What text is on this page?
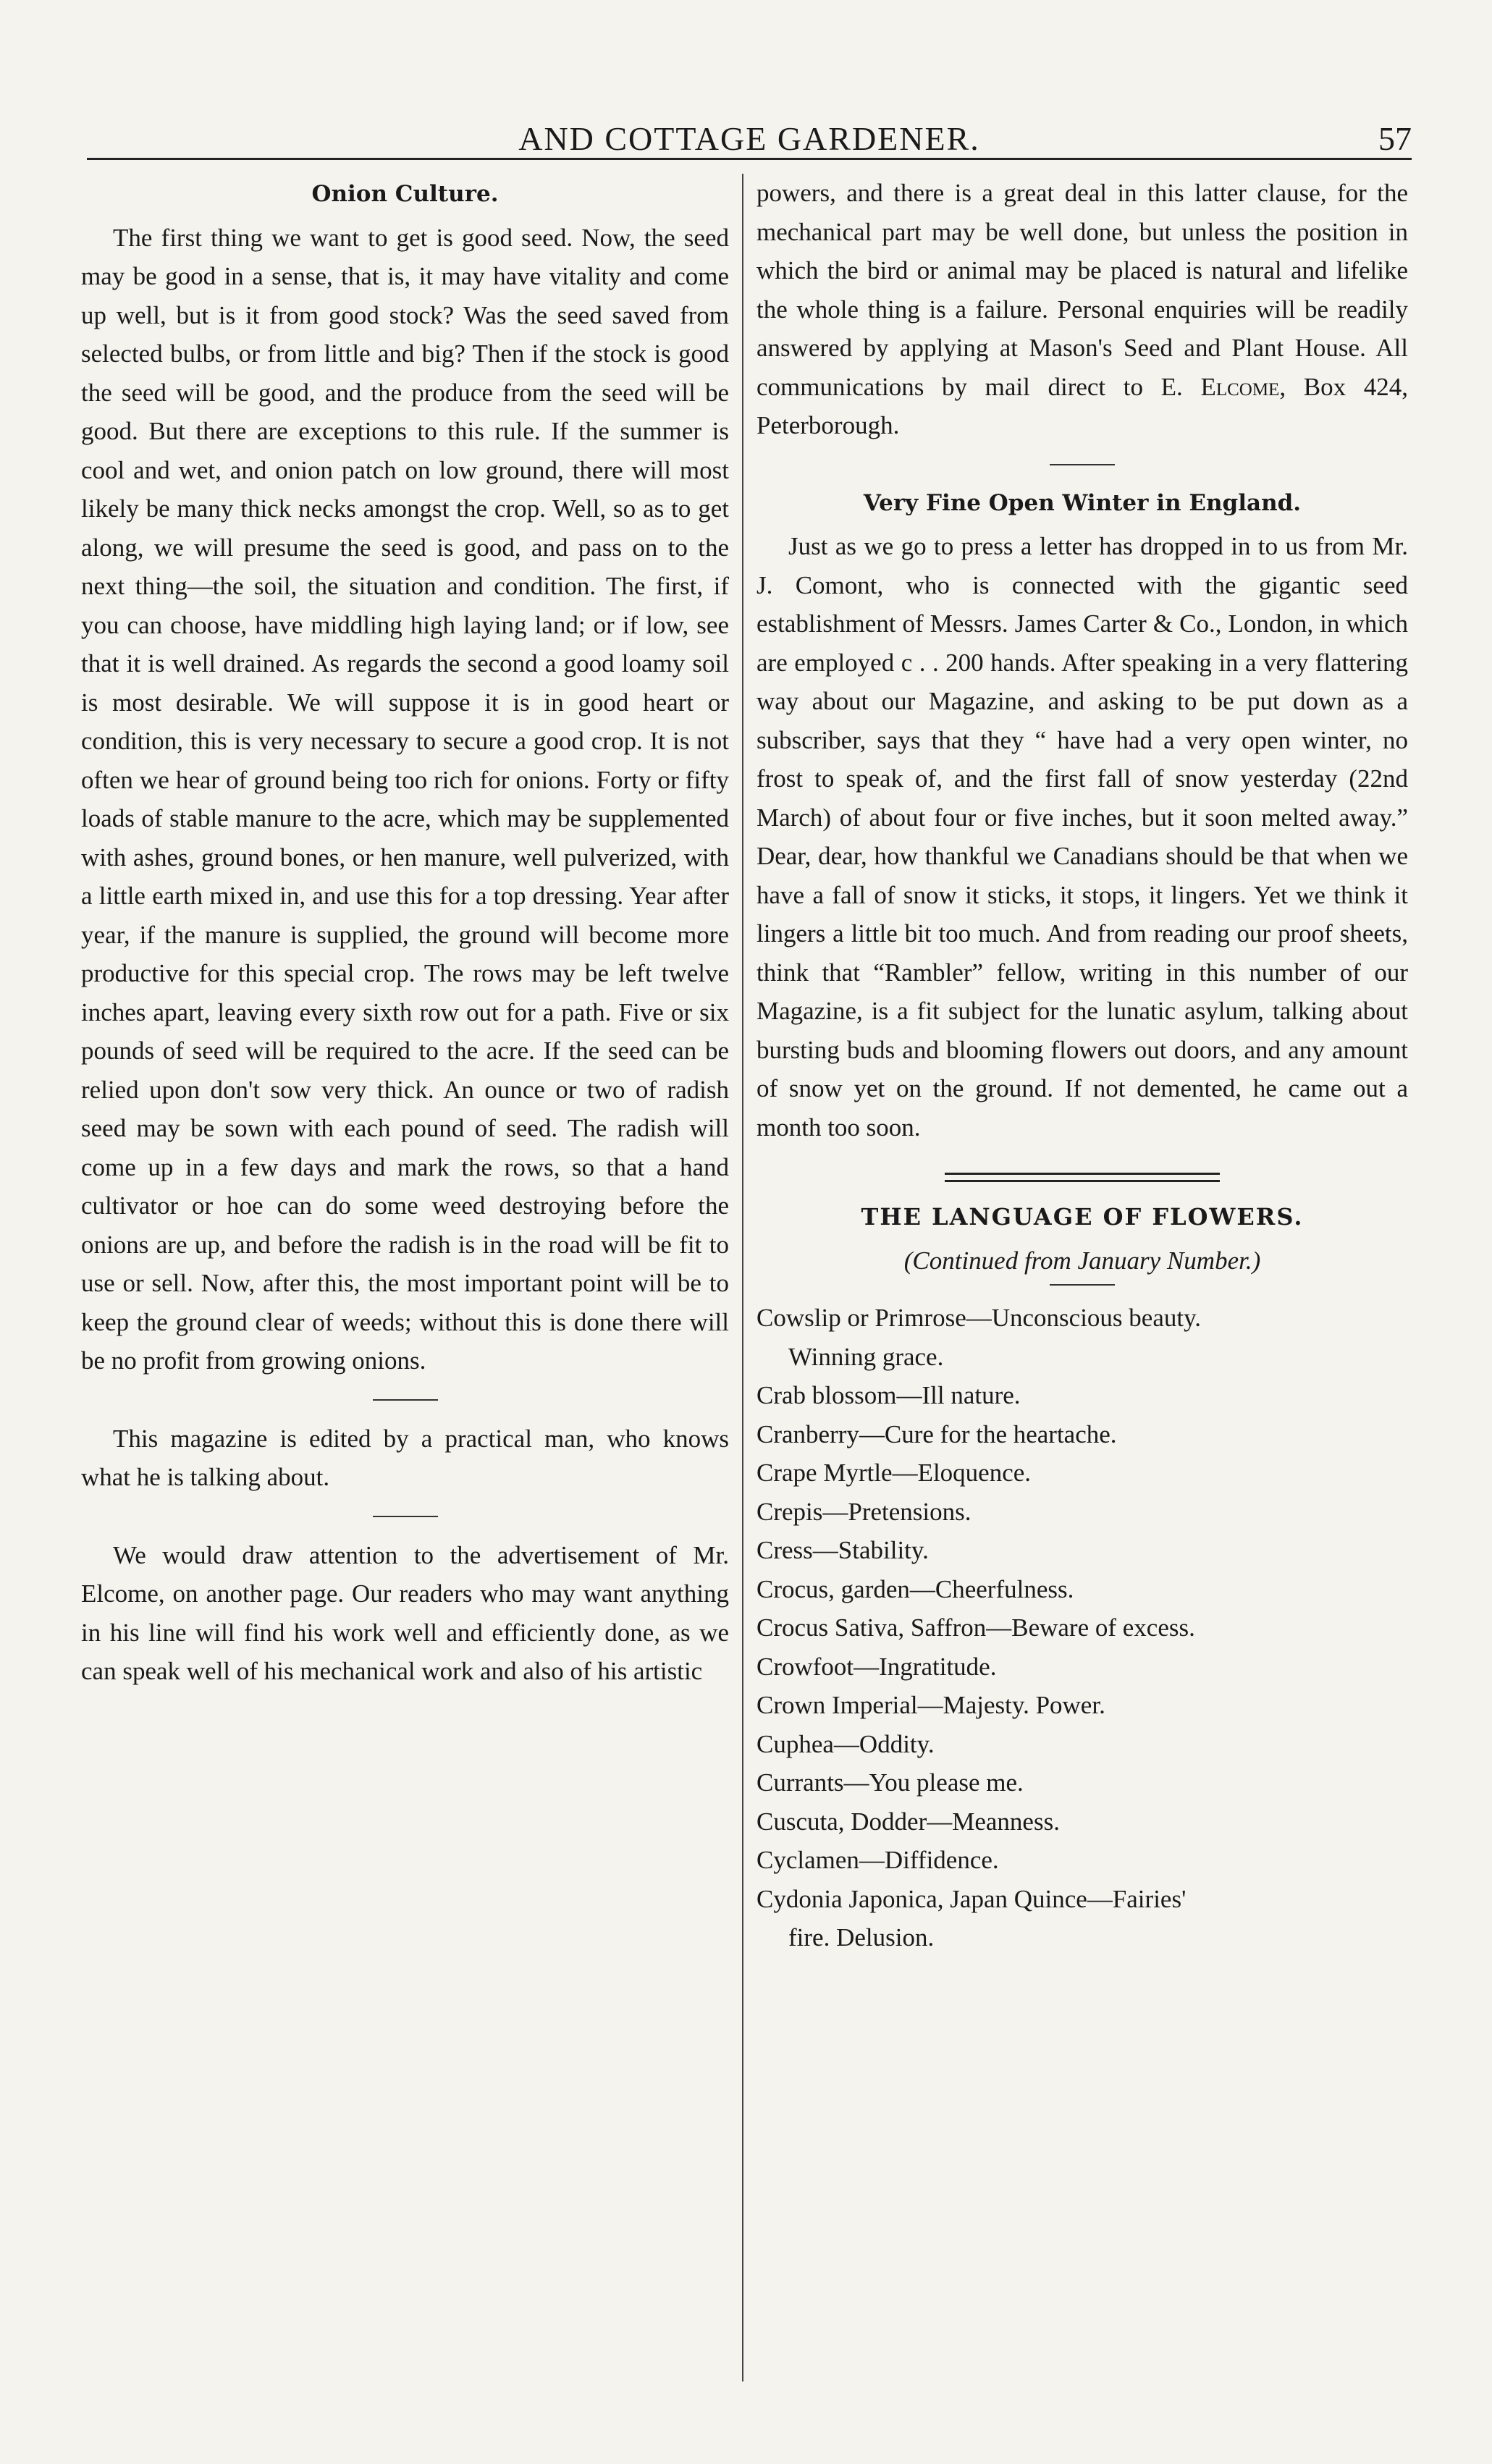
AND COTTAGE GARDENER.	57
Onion Culture.

The first thing we want to get is good seed. Now, the seed may be good in a sense, that is, it may have vitality and come up well, but is it from good stock? Was the seed saved from selected bulbs, or from little and big? Then if the stock is good the seed will be good, and the produce from the seed will be good. But there are exceptions to this rule. If the summer is cool and wet, and onion patch on low ground, there will most likely be many thick necks amongst the crop. Well, so as to get along, we will presume the seed is good, and pass on to the next thing—the soil, the situation and condition. The first, if you can choose, have middling high laying land; or if low, see that it is well drained. As regards the second a good loamy soil is most desirable. We will suppose it is in good heart or condition, this is very necessary to secure a good crop. It is not often we hear of ground being too rich for onions. Forty or fifty loads of stable manure to the acre, which may be supplemented with ashes, ground bones, or hen manure, well pulverized, with a little earth mixed in, and use this for a top dressing. Year after year, if the manure is supplied, the ground will become more productive for this special crop. The rows may be left twelve inches apart, leaving every sixth row out for a path. Five or six pounds of seed will be required to the acre. If the seed can be relied upon don't sow very thick. An ounce or two of radish seed may be sown with each pound of seed. The radish will come up in a few days and mark the rows, so that a hand cultivator or hoe can do some weed destroying before the onions are up, and before the radish is in the road will be fit to use or sell. Now, after this, the most important point will be to keep the ground clear of weeds; without this is done there will be no profit from growing onions.

This magazine is edited by a practical man, who knows what he is talking about.

We would draw attention to the advertisement of Mr. Elcome, on another page. Our readers who may want anything in his line will find his work well and efficiently done, as we can speak well of his mechanical work and also of his artistic

powers, and there is a great deal in this latter clause, for the mechanical part may be well done, but unless the position in which the bird or animal may be placed is natural and lifelike the whole thing is a failure. Personal enquiries will be readily answered by applying at Mason's Seed and Plant House. All communications by mail direct to E. Elcome, Box 424, Peterborough.

Very Fine Open Winter in England.

Just as we go to press a letter has dropped in to us from Mr. J. Comont, who is connected with the gigantic seed establishment of Messrs. James Carter & Co., London, in which are employed c . . 200 hands. After speaking in a very flattering way about our Magazine, and asking to be put down as a subscriber, says that they “ have had a very open winter, no frost to speak of, and the first fall of snow yesterday (22nd March) of about four or five inches, but it soon melted away.” Dear, dear, how thankful we Canadians should be that when we have a fall of snow it sticks, it stops, it lingers. Yet we think it lingers a little bit too much. And from reading our proof sheets, think that “Rambler” fellow, writing in this number of our Magazine, is a fit subject for the lunatic asylum, talking about bursting buds and blooming flowers out doors, and any amount of snow yet on the ground. If not demented, he came out a month too soon.

THE LANGUAGE OF FLOWERS.
(Continued from January Number.)
Cowslip or Primrose—Unconscious beauty.
Winning grace.
Crab blossom—Ill nature.
Cranberry—Cure for the heartache.
Crape Myrtle—Eloquence.
Crepis—Pretensions.
Cress—Stability.
Crocus, garden—Cheerfulness.
Crocus Sativa, Saffron—Beware of excess.
Crowfoot—Ingratitude.
Crown Imperial—Majesty. Power.
Cuphea—Oddity.
Currants—You please me.
Cuscuta, Dodder—Meanness.
Cyclamen—Diffidence.
Cydonia Japonica, Japan Quince—Fairies'
fire. Delusion.
